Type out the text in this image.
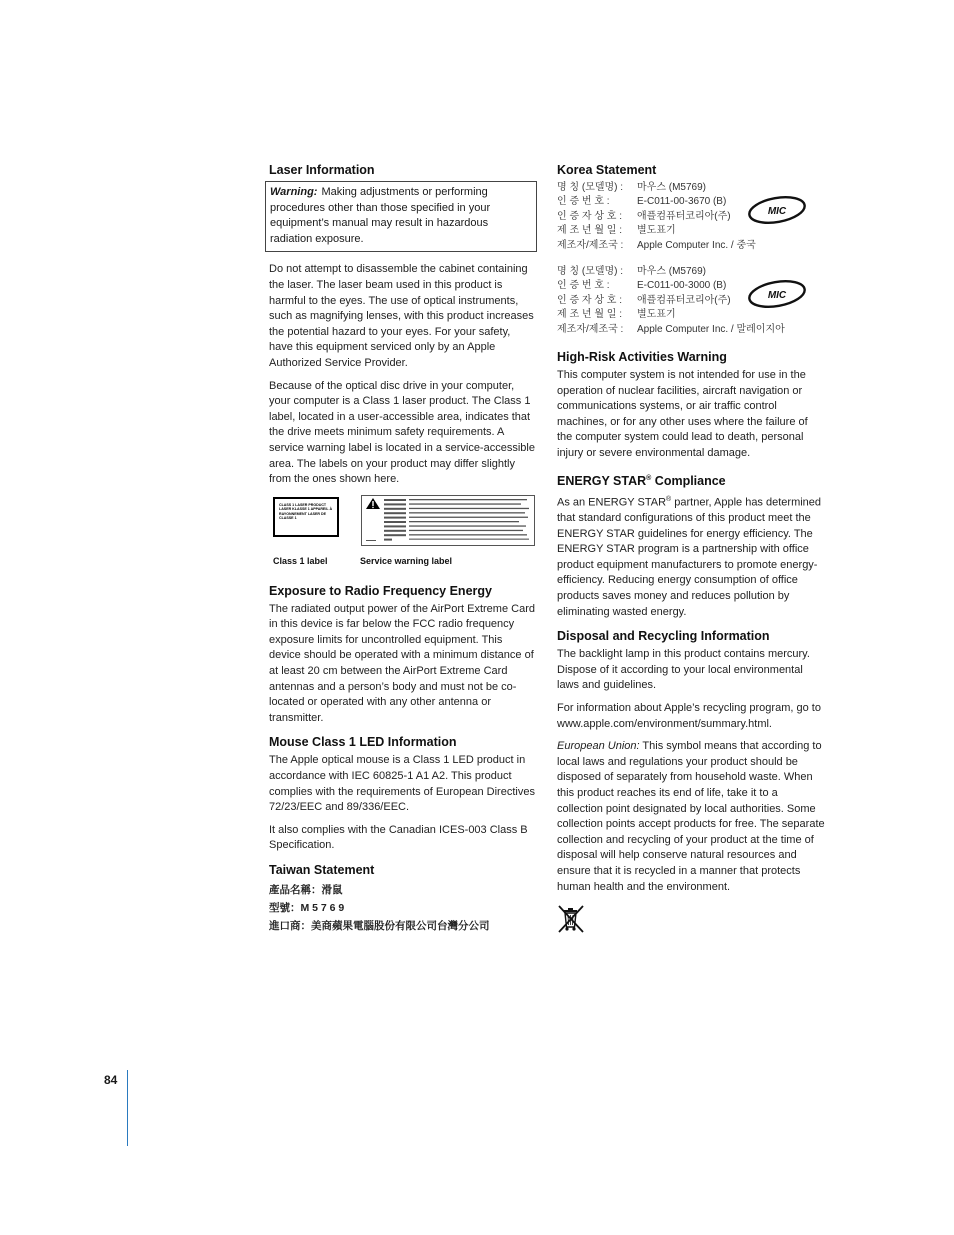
Laser Information
Warning: Making adjustments or performing procedures other than those specified in your equipment’s manual may result in hazardous radiation exposure.

Do not attempt to disassemble the cabinet containing the laser. The laser beam used in this product is harmful to the eyes. The use of optical instruments, such as magnifying lenses, with this product increases the potential hazard to your eyes. For your safety, have this equipment serviced only by an Apple Authorized Service Provider.

Because of the optical disc drive in your computer, your computer is a Class 1 laser product. The Class 1 label, located in a user-accessible area, indicates that the drive meets minimum safety requirements. A service warning label is located in a service-accessible area. The labels on your product may differ slightly from the ones shown here.

CLASS 1 LASER PRODUCT LASER KLASSE 1 APPAREIL À RAYONNEMENT LASER DE CLASSE 1
Class 1 label	Service warning label
Exposure to Radio Frequency Energy

The radiated output power of the AirPort Extreme Card in this device is far below the FCC radio frequency exposure limits for uncontrolled equipment. This device should be operated with a minimum distance of at least 20 cm between the AirPort Extreme Card antennas and a person’s body and must not be co-located or operated with any other antenna or transmitter.

Mouse Class 1 LED Information

The Apple optical mouse is a Class 1 LED product in accordance with IEC 60825-1 A1 A2. This product complies with the requirements of European Directives 72/23/EEC and 89/336/EEC.

It also complies with the Canadian ICES-003 Class B Specification.

Taiwan Statement

產品名稱：滑鼠

型號：M 5 7 6 9

進口商：美商蘋果電腦股份有限公司台灣分公司

Korea Statement

명 칭 (모델명) : 마우스 (M5769)

인 증 번 호 :	E-C011-00-3670 (B)

인 증 자 상 호 : 애플컴퓨터코리아(주)

제 조 년 월 일 : 별도표기

제조자/제조국 : Apple Computer Inc. / 중국

MIC

명 칭 (모델명) : 마우스 (M5769)

인 증 번 호 :	E-C011-00-3000 (B)

인 증 자 상 호 : 애플컴퓨터코리아(주)

제 조 년 월 일 : 별도표기

제조자/제조국 : Apple Computer Inc. / 말레이지아

MIC
High-Risk Activities Warning

This computer system is not intended for use in the operation of nuclear facilities, aircraft navigation or communications systems, or air traffic control machines, or for any other uses where the failure of the computer system could lead to death, personal injury or severe environmental damage.

ENERGY STAR® Compliance

As an ENERGY STAR® partner, Apple has determined that standard configurations of this product meet the ENERGY STAR guidelines for energy efficiency. The ENERGY STAR program is a partnership with office product equipment manufacturers to promote energy-efficiency. Reducing energy consumption of office products saves money and reduces pollution by eliminating wasted energy.

Disposal and Recycling Information

The backlight lamp in this product contains mercury. Dispose of it according to your local environmental laws and guidelines.

For information about Apple’s recycling program, go to www.apple.com/environment/summary.html.

European Union: This symbol means that according to local laws and regulations your product should be disposed of separately from household waste. When this product reaches its end of life, take it to a collection point designated by local authorities. Some collection points accept products for free. The separate collection and recycling of your product at the time of disposal will help conserve natural resources and ensure that it is recycled in a manner that protects human health and the environment.

84
